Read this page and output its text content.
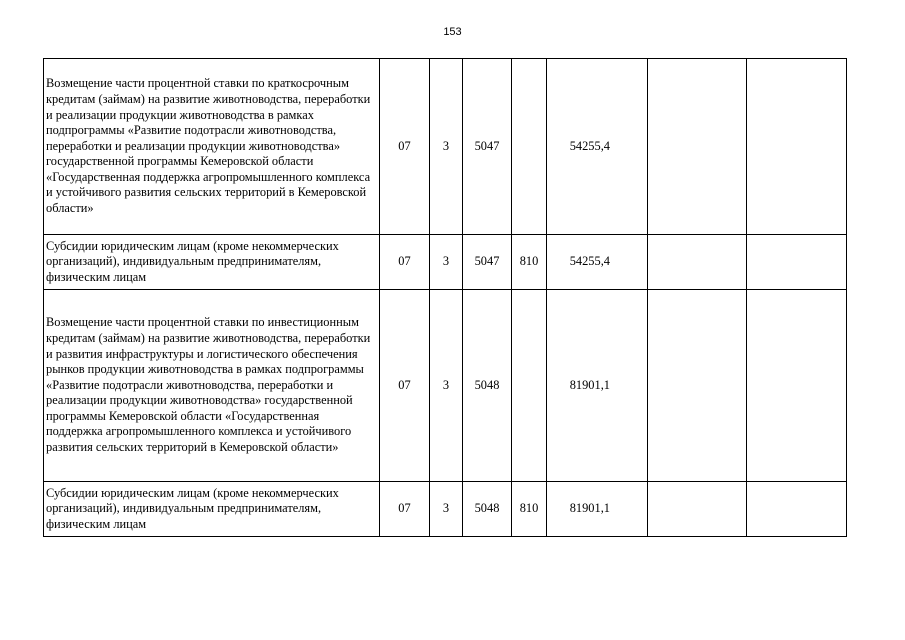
153
Возмещение части процентной ставки по краткосрочным кредитам (займам) на развитие животноводства, переработки и реализации продукции животноводства в рамках подпрограммы «Развитие подотрасли животноводства, переработки и реализации продукции животноводства» государственной программы Кемеровской области «Государственная поддержка агропромышленного комплекса и устойчивого развития сельских территорий в Кемеровской области»	07	3	5047		54255,4		
Субсидии юридическим лицам (кроме некоммерческих организаций), индивидуальным предпринимателям, физическим лицам	07	3	5047	810	54255,4		
Возмещение части процентной ставки по инвестиционным кредитам (займам) на развитие животноводства, переработки и развития инфраструктуры и логистического обеспечения рынков продукции животноводства в рамках подпрограммы «Развитие подотрасли животноводства, переработки и реализации продукции животноводства» государственной программы Кемеровской области «Государственная поддержка агропромышленного комплекса и устойчивого развития сельских территорий в Кемеровской области»	07	3	5048		81901,1		
Субсидии юридическим лицам (кроме некоммерческих организаций), индивидуальным предпринимателям, физическим лицам	07	3	5048	810	81901,1		
